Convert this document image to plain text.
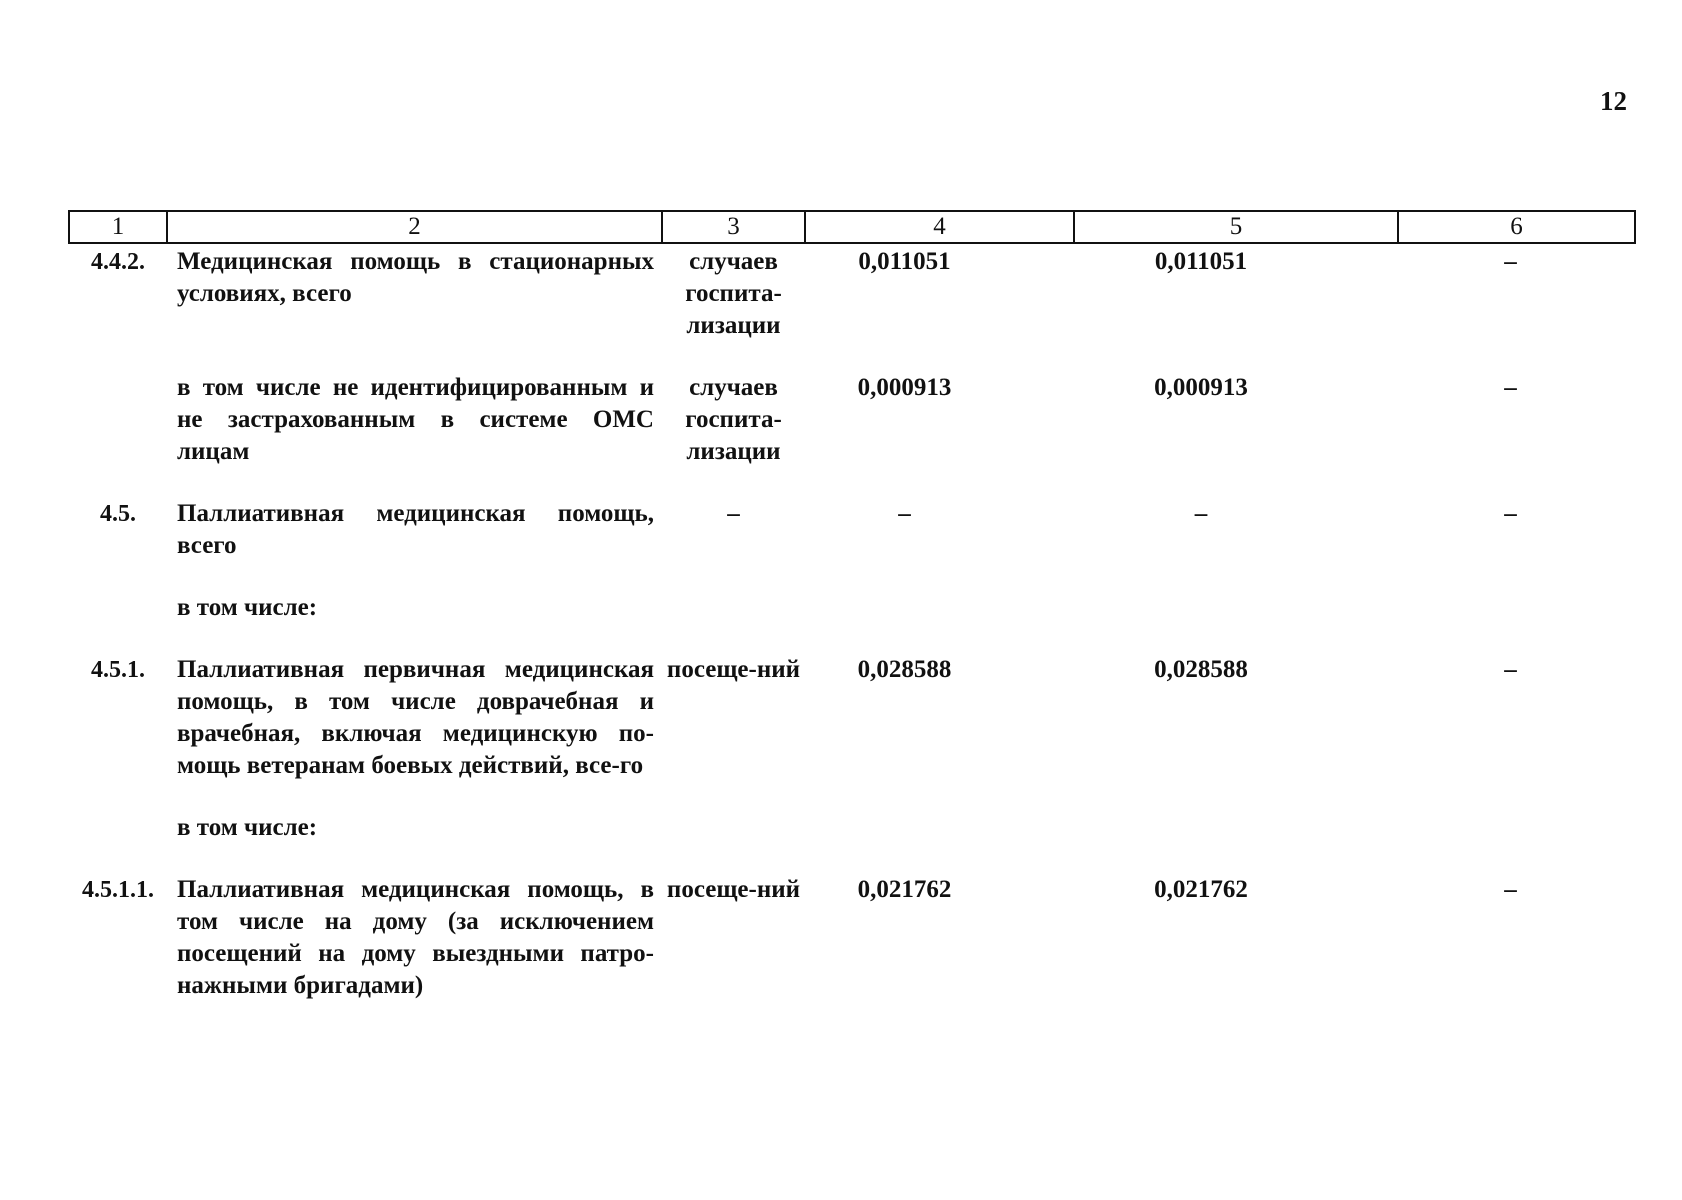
12
1	2	3	4	5	6
4.4.2.	Медицинская помощь в стационарных условиях, всего	случаев госпита-лизации	0,011051	0,011051	–
	в том числе не идентифицированным и не застрахованным в системе ОМС лицам	случаев госпита-лизации	0,000913	0,000913	–
4.5.	Паллиативная медицинская помощь, всего	–	–	–	–
	в том числе:				
4.5.1.	Паллиативная первичная медицинская помощь, в том числе доврачебная и врачебная, включая медицинскую по-мощь ветеранам боевых действий, все-го	посеще-ний	0,028588	0,028588	–
	в том числе:				
4.5.1.1.	Паллиативная медицинская помощь, в том числе на дому (за исключением посещений на дому выездными патро-нажными бригадами)	посеще-ний	0,021762	0,021762	–
